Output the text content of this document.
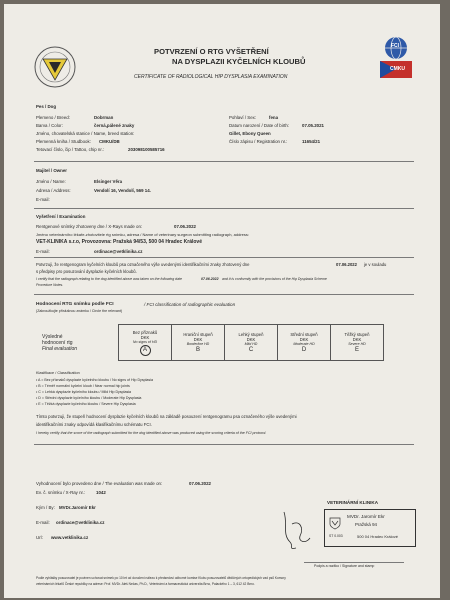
POTVRZENÍ O RTG VYŠETŘENÍ
NA DYSPLAZII KYČELNÍCH KLOUBŮ
CERTIFICATE OF RADIOLOGICAL HIP DYSPLASIA EXAMINATION
FCI
CMKU
Pes / Dog
Plemeno / Breed:	Dobrman	Pohlaví / Sex:	fena
Barva / Color:	černá,pálené znaky	Datum narození / Date of birth:	07.05.2021
Jméno, chovatelská stanice / Name, breed station:	Gillet, Ebony Queen
Plemenná kniha / Studbook: CMKU/DB	Číslo zápisu / Registration nr.:	11654/21
Tetovací číslo, čip / Tattoo, chip nr.:	203098100585716
Majitel / Owner
Jméno / Name:	Elsinger Věra
Adresa / Address:	Vendolí 16, Vendolí, 569 14.
E-mail:
Vyšetření / Examination
Rentgenové snímky zhotoveny dne / X-Rays made on:	07.06.2022
Jméno veterinárního lékaře-zhotovitele rtg snímku, adresa / Name of veterinary surgeon submitting radiograph, address:
VET-KLINIKA s.r.o, Provozovna: Pražská 94/53, 500 04 Hradec Králové
E-mail:	ordinace@vetklinika.cz
Potvrzuji, že rentgenogram kyčelních kloubů psa označeného výše uvedenými identifikačními znaky zhotovený dne	07.06.2022 je v souladu
s předpisy pro posuzování dysplazie kyčelních kloubů.
I certify that the radiograph relating to the dog identified above was taken on the following date	07.06.2022 and it is conformity with the provisions of the Hip Dysplasia Scheme
Procedure Notes.
Hodnocení RTG snímku podle FCI	/ FCI classification of radiographic evaluation
(Zakroužkujte příslušnou známku / Circle the relevant)
Výsledné
hodnocení rtg
Final evaluation

Bez příznaků
DKK
No signs of HD
A	
Hraniční stupeň
DKK
Borderline HD
B

Lehký stupeň
DKK
Mild HD
C

Střední stupeň
DKK
Moderate HD
D

Těžký stupeň
DKK
Severe HD
E
Klasifikace / Classification
• A = Bez příznaků dysplazie kyčelního kloubu / No signs of Hip Dysplasia
• B = Téměř normální kyčelní kloub / Near normal hip joints
• C = Lehká dysplazie kyčelního kloubu / Mild Hip Dysplasia
• D = Střední dysplazie kyčelního kloubu / Moderate Hip Dysplasia
• E = Těžká dysplazie kyčelního kloubu / Severe Hip Dysplasia
Tímto potvrzuji, že stupeň hodnocení dysplazie kyčelních kloubů na základě posouzení rentgenogramu psa označeného výše uvedenými
identifikačními znaky odpovídá klasifikačnímu schématu FCI.
I hereby certify that the score of the radiograph submitted for the dog identified above was produced using the scoring criteria of the FCI protocol.
Vyhodnocení bylo provedeno dne / The evaluation was made on:	07.06.2022
Ev. č. snímku / X-Ray nr.: 1042
Kým / By: MVDr.Jaromír Ekr
E-mail: ordinace@vetklinika.cz
Url: www.vetklinika.cz
VETERINÁRNÍ KLINIKA
MVDr. Jaromír Ekr
Pražská 94
ST 0.003	500 04 Hradec Králové
Podpis a razítko / Signature and stamp
Podle vyhlášky posuzovatel je povinen uchovat snímek po 10 let od doručení nálezu k předsedovi odborné komise Klubu posuzovatelů dědičných ortopedických vad psů Komory
veterinárních lékařů České republiky na adrese: Prof. MVDr. Aleš Nečas, Ph.D., Veterinární a farmaceutická univerzita Brno, Palackého 1 – 3, 612 42 Brno.
